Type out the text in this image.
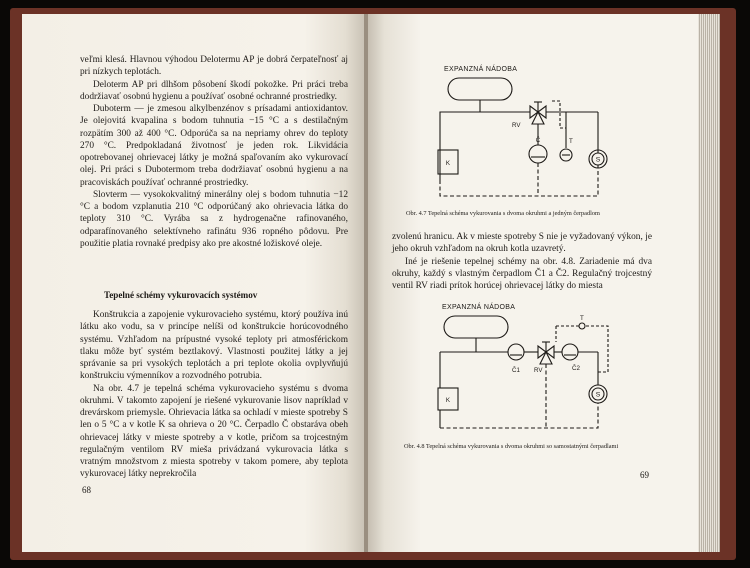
veľmi klesá. Hlavnou výhodou Delotermu AP je dobrá čerpateľnosť aj pri nízkych teplotách.

Deloterm AP pri dlhšom pôsobení škodí pokožke. Pri práci treba dodržiavať osobnú hygienu a používať osobné ochranné prostriedky.

Duboterm — je zmesou alkylbenzénov s prísadami antioxidantov. Je olejovitá kvapalina s bodom tuhnutia −15 °C a s destilačným rozpätím 300 až 400 °C. Odporúča sa na nepriamy ohrev do teploty 270 °C. Predpokladaná životnosť je jeden rok. Likvidácia opotrebovanej ohrievacej látky je možná spaľovaním ako vykurovací olej. Pri práci s Dubotermom treba dodržiavať osobnú hygienu a na pracoviskách používať ochranné prostriedky.

Slovterm — vysokokvalitný minerálny olej s bodom tuhnutia −12 °C a bodom vzplanutia 210 °C odporúčaný ako ohrievacia látka do teploty 310 °C. Vyrába sa z hydrogenačne rafinovaného, odparafínovaného selektívneho rafinátu 936 ropného pôdovu. Pre použitie platia rovnaké predpisy ako pre akostné ložiskové oleje.

Tepelné schémy vykurovacích systémov

Konštrukcia a zapojenie vykurovacieho systému, ktorý používa inú látku ako vodu, sa v princípe nelíši od konštrukcie horúcovodného systému. Vzhľadom na prípustné vysoké teploty pri atmosférickom tlaku môže byť systém beztlakový. Vlastnosti použitej látky a jej správanie sa pri vysokých teplotách a pri teplote okolia ovplyvňujú konštrukciu výmenníkov a rozvodného potrubia.

Na obr. 4.7 je tepelná schéma vykurovacieho systému s dvoma okruhmi. V takomto zapojení je riešené vykurovanie lisov napríklad v drevárskom priemysle. Ohrievacia látka sa ochladí v mieste spotreby S len o 5 °C a v kotle K sa ohrieva o 20 °C. Čerpadlo Č obstaráva obeh ohrievacej látky v mieste spotreby a v kotle, pričom sa trojcestným regulačným ventilom RV mieša privádzaná vykurovacia látka s vratným množstvom z miesta spotreby v takom pomere, aby teplota vykurovacej látky neprekročila

68

EXPANZNÁ NÁDOBA

K
RV
Č	T
S

Obr. 4.7 Tepelná schéma vykurovania s dvoma okruhmi a jedným čerpadlom

zvolenú hranicu. Ak v mieste spotreby S nie je vyžadovaný výkon, je jeho okruh vzhľadom na okruh kotla uzavretý.

Iné je riešenie tepelnej schémy na obr. 4.8. Zariadenie má dva okruhy, každý s vlastným čerpadlom Č1 a Č2. Regulačný trojcestný ventil RV riadi prítok horúcej ohrievacej látky do miesta

EXPANZNÁ NÁDOBA

K
RV
Č1	Č2
T
S

Obr. 4.8 Tepelná schéma vykurovania s dvoma okruhmi so samostatnými čerpadlami

69
